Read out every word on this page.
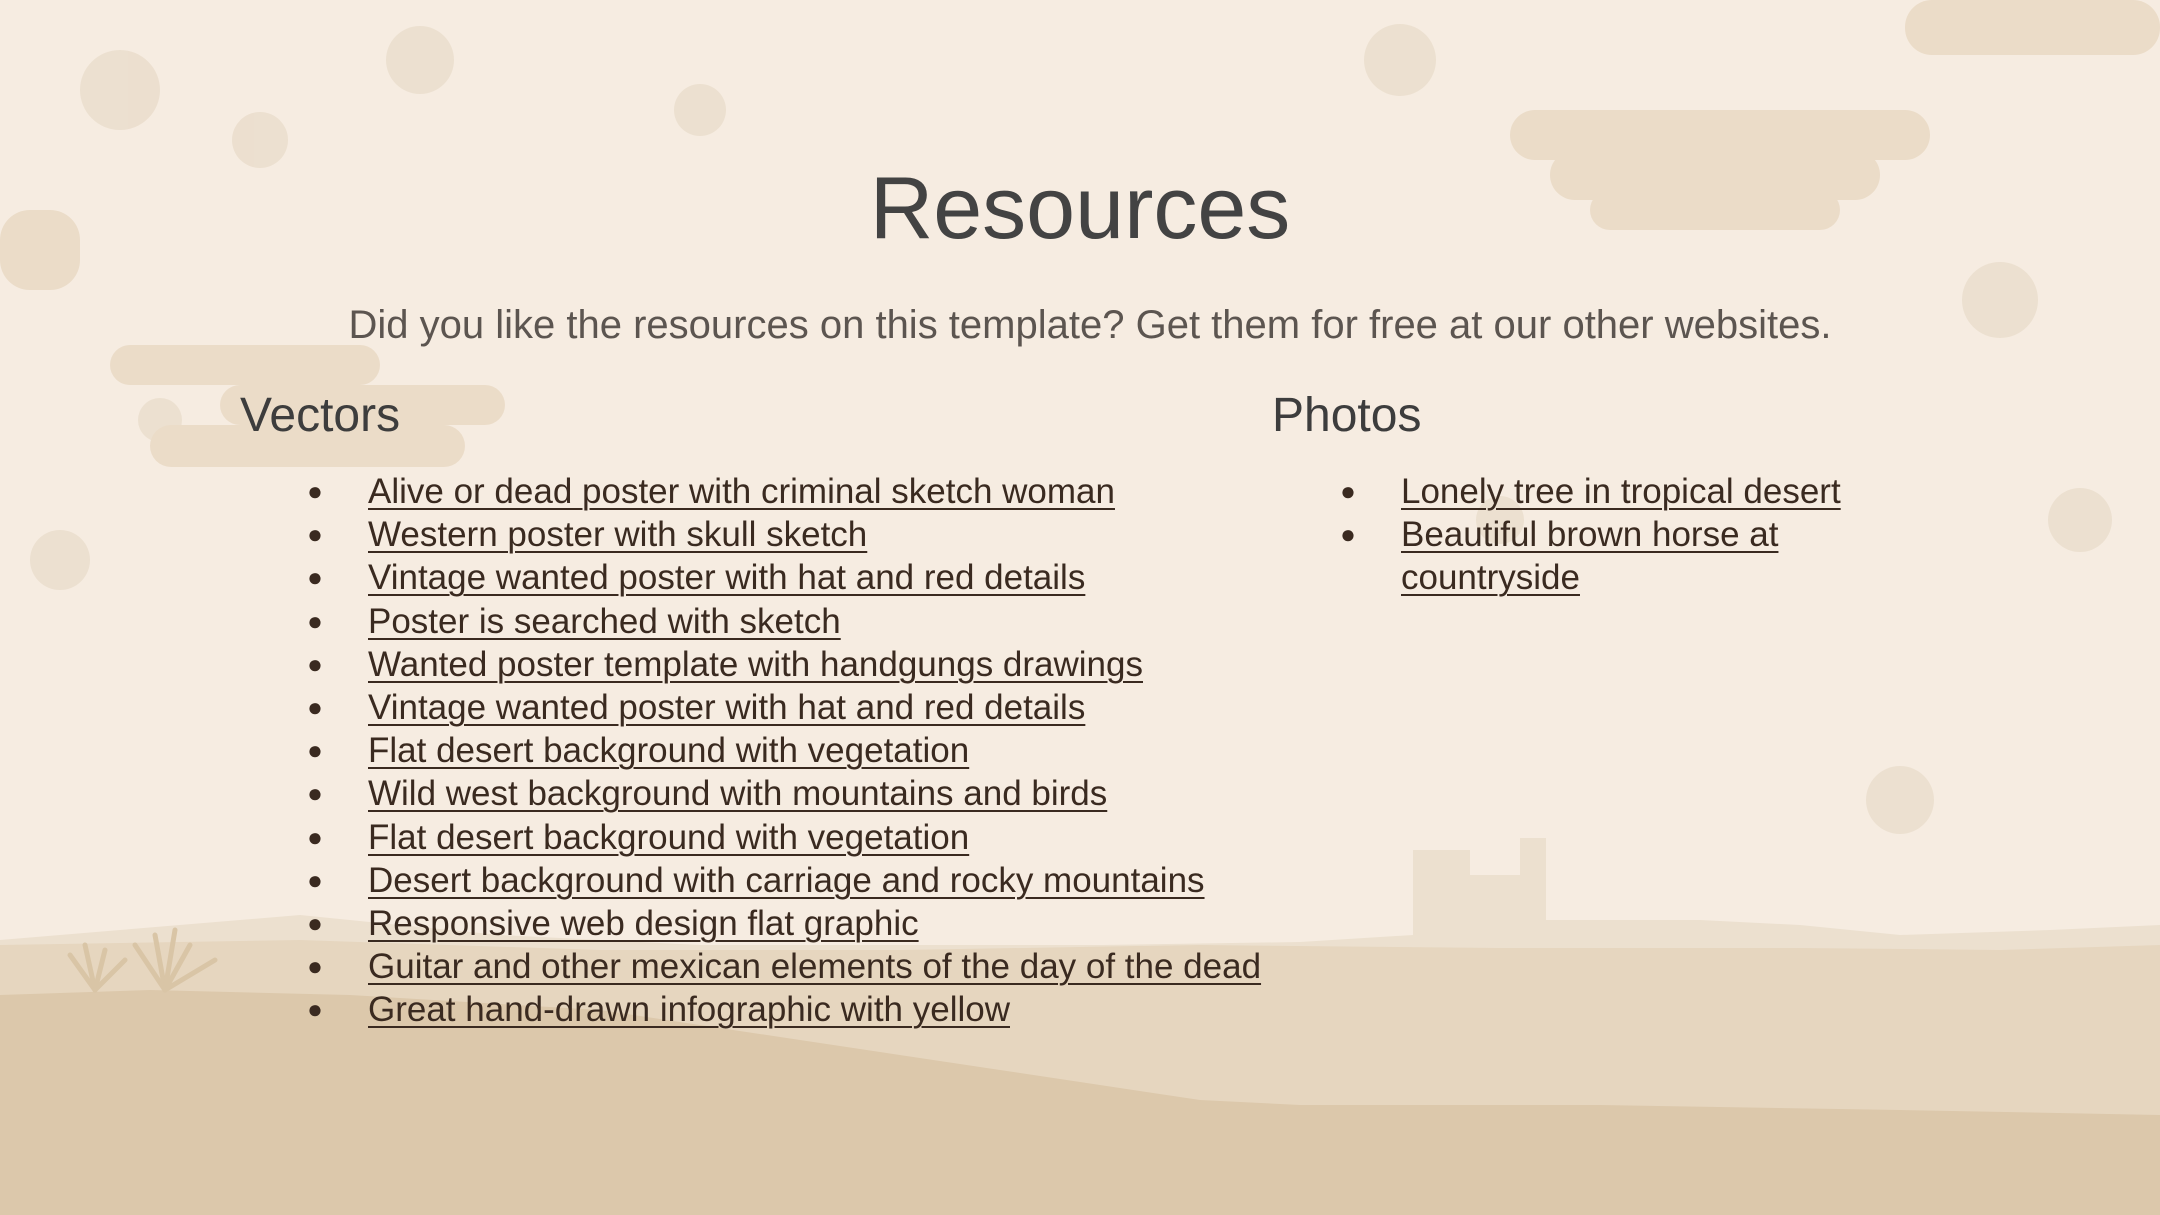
Resources

Did you like the resources on this template? Get them for free at our other websites.

Vectors
● Alive or dead poster with criminal sketch woman
● Western poster with skull sketch
● Vintage wanted poster with hat and red details
● Poster is searched with sketch
● Wanted poster template with handgungs drawings
● Vintage wanted poster with hat and red details
● Flat desert background with vegetation
● Wild west background with mountains and birds
● Flat desert background with vegetation
● Desert background with carriage and rocky mountains
● Responsive web design flat graphic
● Guitar and other mexican elements of the day of the dead
● Great hand-drawn infographic with yellow
Photos
● Lonely tree in tropical desert
● Beautiful brown horse at countryside
